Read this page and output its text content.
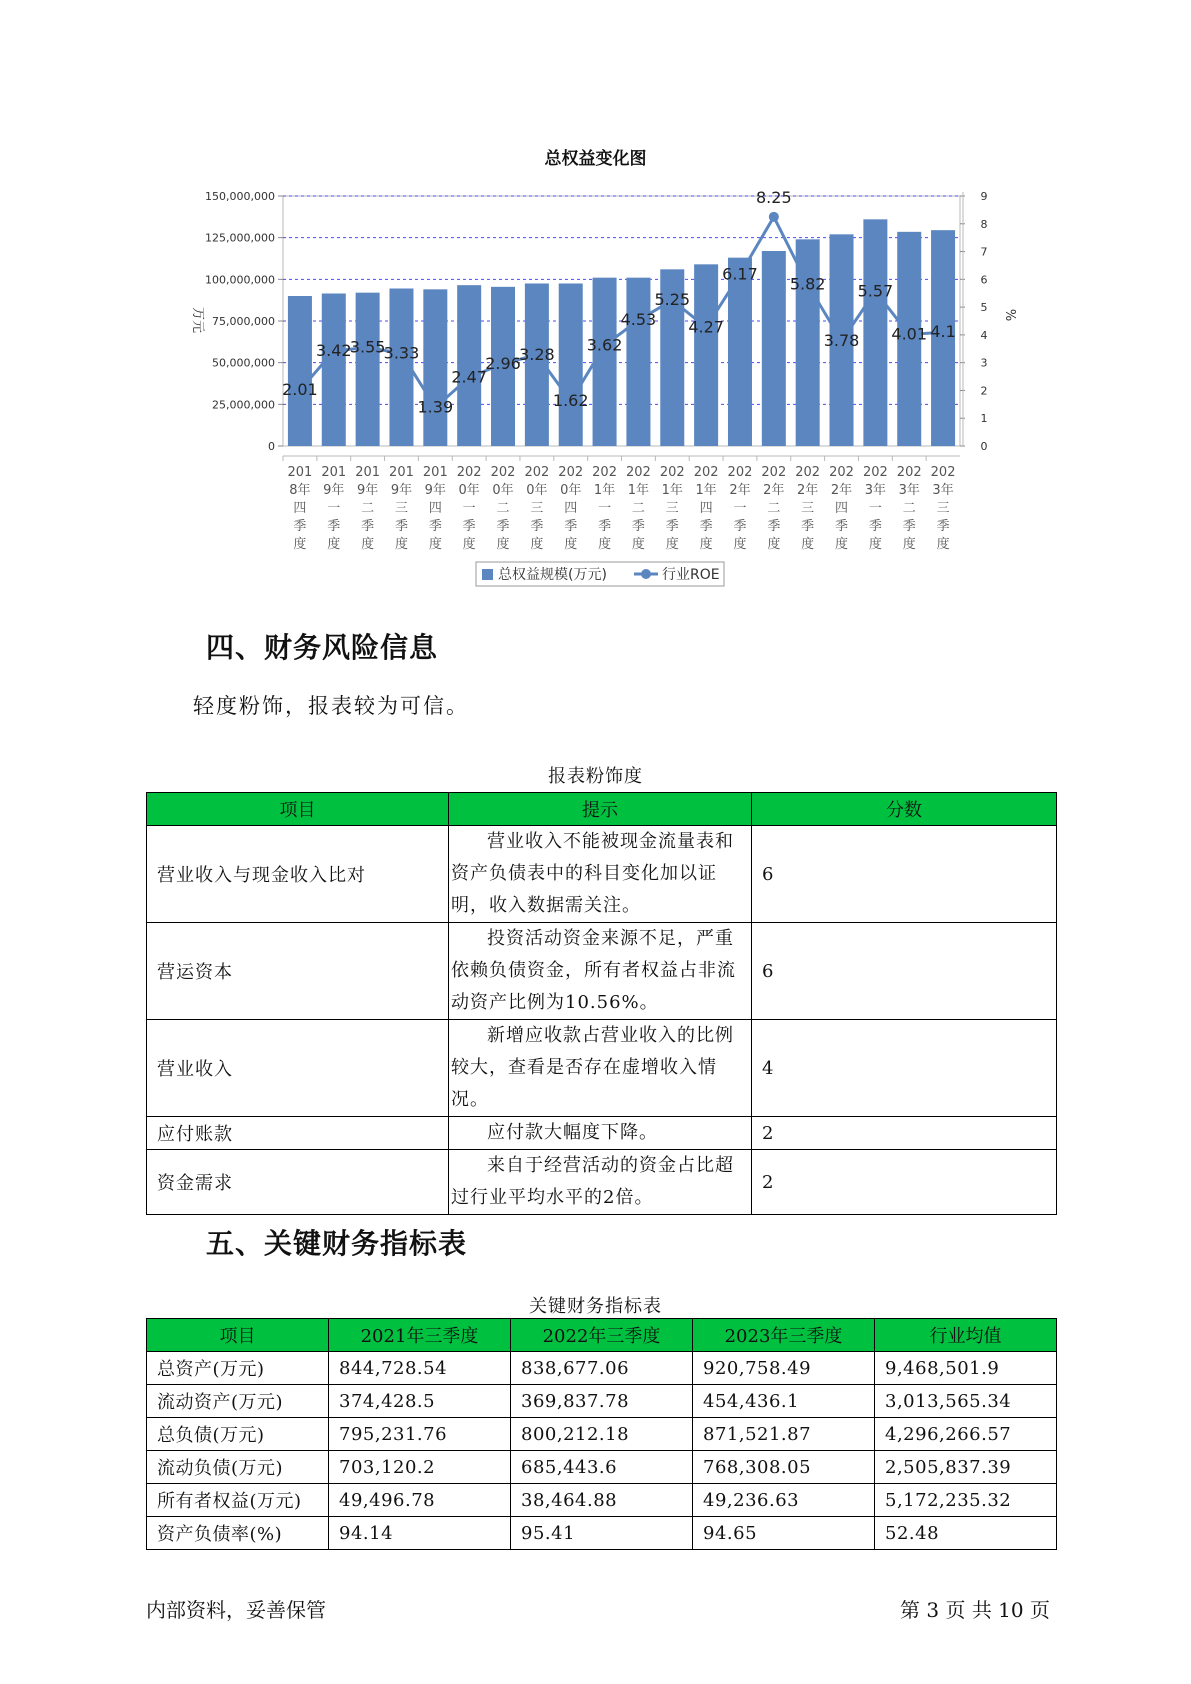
总权益变化图
0
25,000,000
50,000,000
75,000,000
100,000,000
125,000,000
150,000,000
0
1
2
3
4
5
6
7
8
9
万元	%
201 8年四季度
201 9年一季度
201 9年二季度
201 9年三季度
201 9年四季度
202 0年一季度
202 0年二季度
202 0年三季度
202 0年四季度
202 1年一季度
202 1年二季度
202 1年三季度
202 1年四季度
202 2年一季度
202 2年二季度
202 2年三季度
202 2年四季度
202 3年一季度
202 3年二季度
202 3年三季度
2.01
3.42
3.55
3.33
1.39
2.47
2.96
3.28
1.62
3.62
4.53
5.25
4.27
6.17
8.25
5.82
3.78
5.57
4.01 4.1
总权益规模(万元)	行业ROE
四、财务风险信息
轻度粉饰，报表较为可信。
报表粉饰度
项目	提示	分数
营业收入与现金收入比对	营业收入不能被现金流量表和资产负债表中的科目变化加以证明，收入数据需关注。	6
营运资本	投资活动资金来源不足，严重依赖负债资金，所有者权益占非流动资产比例为10.56%。	6
营业收入	新增应收款占营业收入的比例较大，查看是否存在虚增收入情况。	4
应付账款	应付款大幅度下降。	2
资金需求	来自于经营活动的资金占比超过行业平均水平的2倍。	2
五、关键财务指标表
关键财务指标表
项目	2021年三季度	2022年三季度	2023年三季度	行业均值
总资产(万元)	844,728.54	838,677.06	920,758.49	9,468,501.9
流动资产(万元)	374,428.5	369,837.78	454,436.1	3,013,565.34
总负债(万元)	795,231.76	800,212.18	871,521.87	4,296,266.57
流动负债(万元)	703,120.2	685,443.6	768,308.05	2,505,837.39
所有者权益(万元)	49,496.78	38,464.88	49,236.63	5,172,235.32
资产负债率(%)	94.14	95.41	94.65	52.48
内部资料，妥善保管	第 3 页 共 10 页
